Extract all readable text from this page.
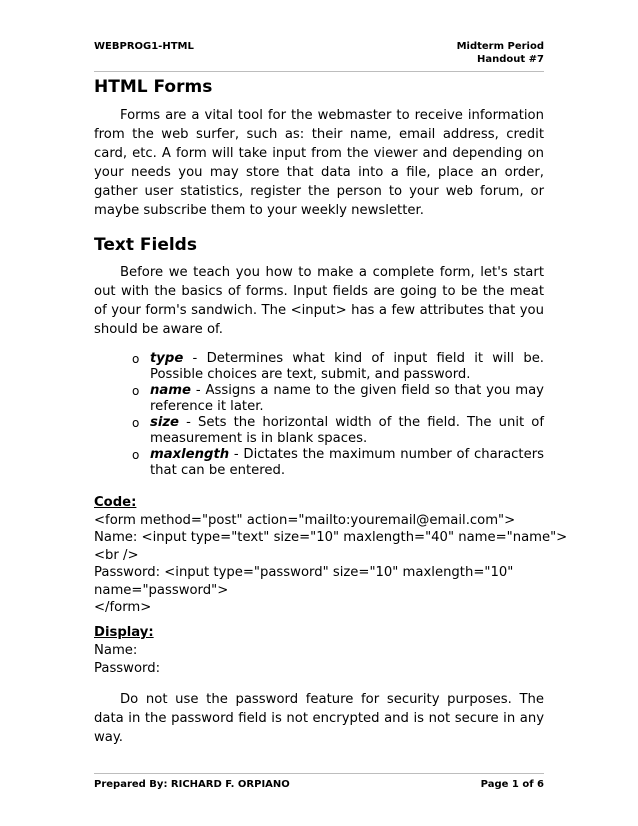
WEBPROG1-HTML	Midterm Period
Handout #7
HTML Forms

Forms are a vital tool for the webmaster to receive information from the web surfer, such as: their name, email address, credit card, etc. A form will take input from the viewer and depending on your needs you may store that data into a file, place an order, gather user statistics, register the person to your web forum, or maybe subscribe them to your weekly newsletter.

Text Fields

Before we teach you how to make a complete form, let's start out with the basics of forms. Input fields are going to be the meat of your form's sandwich. The <input> has a few attributes that you should be aware of.

o type - Determines what kind of input field it will be. Possible choices are text, submit, and password.
o name - Assigns a name to the given field so that you may reference it later.
o size - Sets the horizontal width of the field. The unit of measurement is in blank spaces.
o maxlength - Dictates the maximum number of characters that can be entered.
Code:
<form method="post" action="mailto:youremail@email.com">
Name: <input type="text" size="10" maxlength="40" name="name">
<br />
Password: <input type="password" size="10" maxlength="10"
name="password">
</form>
Display:
Name:
Password:

Do not use the password feature for security purposes. The data in the password field is not encrypted and is not secure in any way.

Prepared By: RICHARD F. ORPIANO	Page 1 of 6
